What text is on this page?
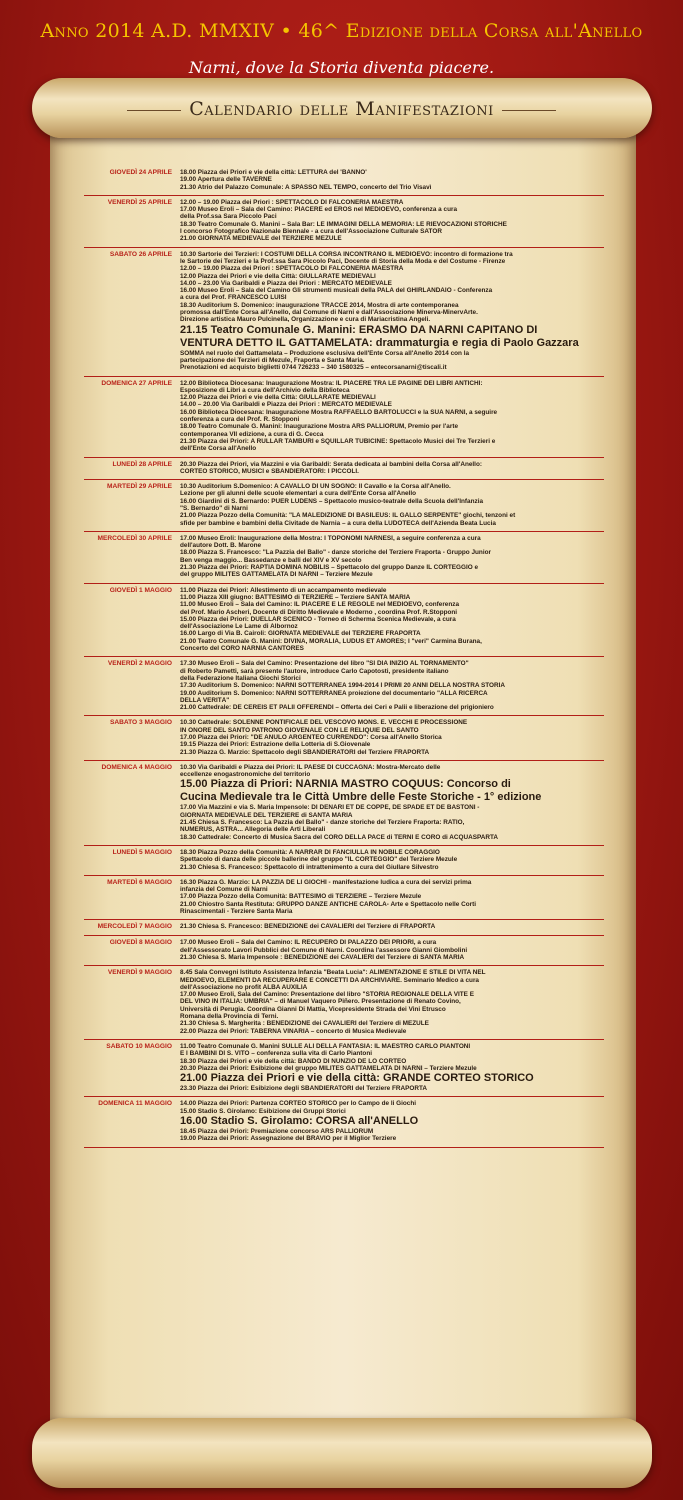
Anno 2014 A.D. MMXIV • 46^ Edizione della Corsa all'Anello
Narni, dove la Storia diventa piacere.
Calendario delle Manifestazioni
GIOVEDÌ 24 APRILE	18.00 Piazza dei Priori e vie della città: LETTURA del 'BANNO'
19.00 Apertura delle TAVERNE
21.30 Atrio del Palazzo Comunale: A SPASSO NEL TEMPO, concerto del Trio Visavì
VENERDÌ 25 APRILE	12.00 – 19.00 Piazza dei Priori : SPETTACOLO DI FALCONERIA MAESTRA
17.00 Museo Eroli – Sala del Camino: PIACERE ed EROS nel MEDIOEVO, conferenza a cura
della Prof.ssa Sara Piccolo Paci
18.30 Teatro Comunale G. Manini – Sala Bar: LE IMMAGINI DELLA MEMORIA: LE RIEVOCAZIONI STORICHE
I concorso Fotografico Nazionale Biennale - a cura dell'Associazione Culturale SATOR
21.00 GIORNATA MEDIEVALE del TERZIERE MEZULE
SABATO 26 APRILE	10.30 Sartorie dei Terzieri: I COSTUMI DELLA CORSA INCONTRANO IL MEDIOEVO: incontro di formazione tra
le Sartorie dei Terzieri e la Prof.ssa Sara Piccolo Paci, Docente di Storia della Moda e del Costume - Firenze
12.00 – 19.00 Piazza dei Priori : SPETTACOLO DI FALCONERIA MAESTRA
12.00 Piazza dei Priori e vie della Città: GIULLARATE MEDIEVALI
14.00 – 23.00 Via Garibaldi e Piazza dei Priori : MERCATO MEDIEVALE
16.00 Museo Eroli – Sala del Camino Gli strumenti musicali della PALA del GHIRLANDAIO - Conferenza
a cura del Prof. FRANCESCO LUISI
18.30 Auditorium S. Domenico: inaugurazione TRACCE 2014, Mostra di arte contemporanea
promossa dall'Ente Corsa all'Anello, dal Comune di Narni e dall'Associazione Minerva-MinervArte.
Direzione artistica Mauro Pulcinella, Organizzazione e cura di Mariacristina Angeli.
21.15 Teatro Comunale G. Manini: ERASMO DA NARNI CAPITANO DI
VENTURA DETTO IL GATTAMELATA: drammaturgia e regia di Paolo Gazzara
SOMMA nel ruolo del Gattamelata – Produzione esclusiva dell'Ente Corsa all'Anello 2014 con la
partecipazione dei Terzieri di Mezule, Fraporta e Santa Maria.
Prenotazioni ed acquisto biglietti 0744 726233 – 340 1580325 – entecorsanarni@tiscali.it
DOMENICA 27 APRILE	12.00 Biblioteca Diocesana: Inaugurazione Mostra: IL PIACERE TRA LE PAGINE DEI LIBRI ANTICHI:
Esposizione di Libri a cura dell'Archivio della Biblioteca
12.00 Piazza dei Priori e vie della Città: GIULLARATE MEDIEVALI
14.00 – 20.00 Via Garibaldi e Piazza dei Priori : MERCATO MEDIEVALE
16.00 Biblioteca Diocesana: Inaugurazione Mostra RAFFAELLO BARTOLUCCI e la SUA NARNI, a seguire
conferenza a cura del Prof. R. Stopponi
18.00 Teatro Comunale G. Manini: Inaugurazione Mostra ARS PALLIORUM, Premio per l'arte
contemporanea VII edizione, a cura di G. Cecca
21.30 Piazza dei Priori: A RULLAR TAMBURI e SQUILLAR TUBICINE: Spettacolo Musici dei Tre Terzieri e
dell'Ente Corsa all'Anello
LUNEDÌ 28 APRILE	20.30 Piazza dei Priori, via Mazzini e via Garibaldi: Serata dedicata ai bambini della Corsa all'Anello:
CORTEO STORICO, MUSICI e SBANDIERATORI: I PICCOLI.
MARTEDÌ 29 APRILE	10.30 Auditorium S.Domenico: A CAVALLO DI UN SOGNO: Il Cavallo e la Corsa all'Anello.
Lezione per gli alunni delle scuole elementari a cura dell'Ente Corsa all'Anello
16.00 Giardini di S. Bernardo: PUER LUDENS – Spettacolo musico-teatrale della Scuola dell'Infanzia
"S. Bernardo" di Narni
21.00 Piazza Pozzo della Comunità: "LA MALEDIZIONE DI BASILEUS: IL GALLO SERPENTE" giochi, tenzoni et
sfide per bambine e bambini della Civitade de Narnia – a cura della LUDOTECA dell'Azienda Beata Lucia
MERCOLEDÌ 30 APRILE	17.00 Museo Eroli: Inaugurazione della Mostra: I TOPONOMI NARNESI, a seguire conferenza a cura
dell'autore Dott. B. Marone
18.00 Piazza S. Francesco: "La Pazzia del Ballo" - danze storiche del Terziere Fraporta - Gruppo Junior
Ben venga maggio... Bassedanze e balli del XIV e XV secolo
21.30 Piazza dei Priori: RAPTIA DOMINA NOBILIS – Spettacolo del gruppo Danze IL CORTEGGIO e
del gruppo MILITES GATTAMELATA DI NARNI – Terziere Mezule
GIOVEDÌ 1 MAGGIO	11.00 Piazza dei Priori: Allestimento di un accampamento medievale
11.00 Piazza XIII giugno: BATTESIMO di TERZIERE – Terziere SANTA MARIA
11.00 Museo Eroli – Sala del Camino: IL PIACERE E LE REGOLE nel MEDIOEVO, conferenza
del Prof. Mario Ascheri, Docente di Diritto Medievale e Moderno , coordina Prof. R.Stopponi
15.00 Piazza dei Priori: DUELLAR SCENICO - Torneo di Scherma Scenica Medievale, a cura
dell'Associazione Le Lame di Albornoz
16.00 Largo di Via B. Cairoli: GIORNATA MEDIEVALE del TERZIERE FRAPORTA
21.00 Teatro Comunale G. Manini: DIVINA, MORALIA, LUDUS ET AMORES; I "veri" Carmina Burana,
Concerto del CORO NARNIA CANTORES
VENERDÌ 2 MAGGIO	17.30 Museo Eroli – Sala del Camino: Presentazione del libro "SI DIA INIZIO AL TORNAMENTO"
di Roberto Pametti, sarà presente l'autore, introduce Carlo Capotosti, presidente italiano
della Federazione Italiana Giochi Storici
17.30 Auditorium S. Domenico: NARNI SOTTERRANEA 1994-2014 I PRIMI 20 ANNI DELLA NOSTRA STORIA
19.00 Auditorium S. Domenico: NARNI SOTTERRANEA proiezione del documentario "ALLA RICERCA
DELLA VERITÀ"
21.00 Cattedrale: DE CEREIS ET PALII OFFERENDI – Offerta dei Ceri e Palii e liberazione del prigioniero
SABATO 3 MAGGIO	10.30 Cattedrale: SOLENNE PONTIFICALE DEL VESCOVO MONS. E. VECCHI E PROCESSIONE
IN ONORE DEL SANTO PATRONO GIOVENALE CON LE RELIQUIE DEL SANTO
17.00 Piazza dei Priori: "DE ANULO ARGENTEO CURRENDO": Corsa all'Anello Storica
19.15 Piazza dei Priori: Estrazione della Lotteria di S.Giovenale
21.30 Piazza G. Marzio: Spettacolo degli SBANDIERATORI del Terziere FRAPORTA
DOMENICA 4 MAGGIO	10.30 Via Garibaldi e Piazza dei Priori: IL PAESE DI CUCCAGNA: Mostra-Mercato delle
eccellenze enogastronomiche del territorio
15.00 Piazza di Priori: NARNIA MASTRO COQUUS: Concorso di
Cucina Medievale tra le Città Umbre delle Feste Storiche - 1° edizione
17.00 Via Mazzini e via S. Maria Impensole: DI DENARI ET DE COPPE, DE SPADE ET DE BASTONI -
GIORNATA MEDIEVALE DEL TERZIERE di SANTA MARIA
21.45 Chiesa S. Francesco: La Pazzia del Ballo" - danze storiche del Terziere Fraporta: RATIO,
NUMERUS, ASTRA... Allegoria delle Arti Liberali
18.30 Cattedrale: Concerto di Musica Sacra del CORO DELLA PACE di TERNI E CORO di ACQUASPARTA
LUNEDÌ 5 MAGGIO	18.30 Piazza Pozzo della Comunità: A NARRAR DI FANCIULLA IN NOBILE CORAGGIO
Spettacolo di danza delle piccole ballerine del gruppo "IL CORTEGGIO" del Terziere Mezule
21.30 Chiesa S. Francesco: Spettacolo di intrattenimento a cura del Giullare Silvestro
MARTEDÌ 6 MAGGIO	16.30 Piazza G. Marzio: LA PAZZIA DE LI GIOCHI - manifestazione ludica a cura dei servizi prima
infanzia del Comune di Narni
17.00 Piazza Pozzo della Comunità: BATTESIMO di TERZIERE – Terziere Mezule
21.00 Chiostro Santa Restituta: GRUPPO DANZE ANTICHE CAROLA- Arte e Spettacolo nelle Corti
Rinascimentali - Terziere Santa Maria
MERCOLEDÌ 7 MAGGIO	21.30 Chiesa S. Francesco: BENEDIZIONE dei CAVALIERI del Terziere di FRAPORTA
GIOVEDÌ 8 MAGGIO	17.00 Museo Eroli – Sala del Camino: IL RECUPERO DI PALAZZO DEI PRIORI, a cura
dell'Assessorato Lavori Pubblici del Comune di Narni. Coordina l'assessore Gianni Giombolini
21.30 Chiesa S. Maria Impensole : BENEDIZIONE dei CAVALIERI del Terziere di SANTA MARIA
VENERDÌ 9 MAGGIO	8.45 Sala Convegni Istituto Assistenza Infanzia "Beata Lucia": ALIMENTAZIONE E STILE DI VITA NEL
MEDIOEVO, ELEMENTI DA RECUPERARE E CONCETTI DA ARCHIVIARE. Seminario Medico a cura
dell'Associazione no profit ALBA AUXILIA
17.00 Museo Eroli, Sala del Camino: Presentazione del libro "STORIA REGIONALE DELLA VITE E
DEL VINO IN ITALIA: UMBRIA" – di Manuel Vaquero Piñero. Presentazione di Renato Covino,
Università di Perugia. Coordina Gianni Di Mattia, Vicepresidente Strada dei Vini Etrusco
Romana della Provincia di Terni.
21.30 Chiesa S. Margherita : BENEDIZIONE dei CAVALIERI del Terziere di MEZULE
22.00 Piazza dei Priori: TABERNA VINARIA – concerto di Musica Medievale
SABATO 10 MAGGIO	11.00 Teatro Comunale G. Manini SULLE ALI DELLA FANTASIA: IL MAESTRO CARLO PIANTONI
E I BAMBINI DI S. VITO – conferenza sulla vita di Carlo Piantoni
18.30 Piazza dei Priori e vie della città: BANDO DI NUNZIO DE LO CORTEO
20.30 Piazza dei Priori: Esibizione del gruppo MILITES GATTAMELATA DI NARNI – Terziere Mezule
21.00 Piazza dei Priori e vie della città: GRANDE CORTEO STORICO
23.30 Piazza dei Priori: Esibizione degli SBANDIERATORI del Terziere FRAPORTA
DOMENICA 11 MAGGIO	14.00 Piazza dei Priori: Partenza CORTEO STORICO per lo Campo de li Giochi
15.00 Stadio S. Girolamo: Esibizione dei Gruppi Storici
16.00 Stadio S. Girolamo: CORSA all'ANELLO
18.45 Piazza dei Priori: Premiazione concorso ARS PALLIORUM
19.00 Piazza dei Priori: Assegnazione del BRAVIO per il Miglior Terziere
